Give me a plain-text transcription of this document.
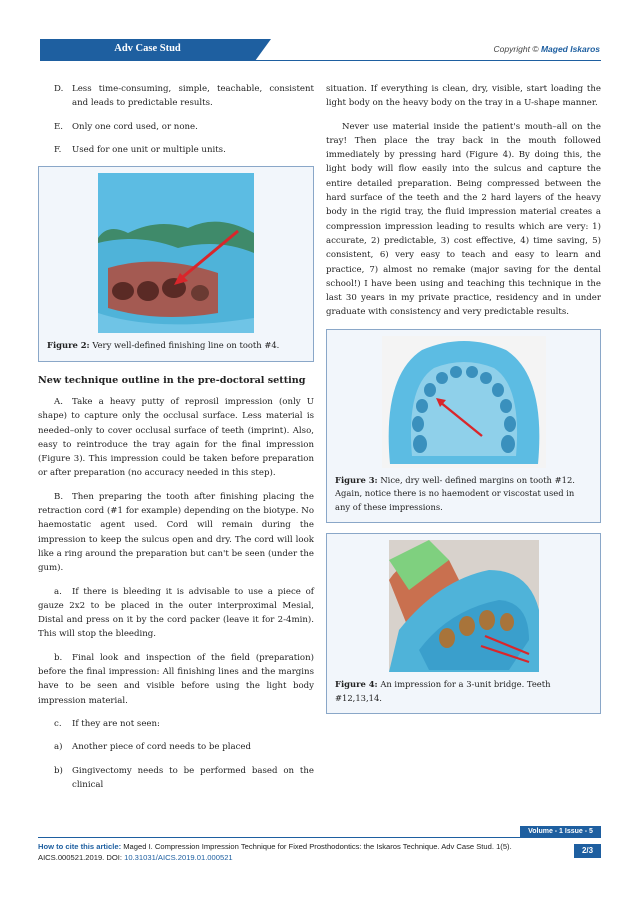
Adv Case Stud	Copyright © Maged Iskaros
D.	Less time-consuming, simple, teachable, consistent and leads to predictable results.
E.	Only one cord used, or none.
F.	Used for one unit or multiple units.
Figure 2: Very well-defined finishing line on tooth #4.
New technique outline in the pre-doctoral setting
A. Take a heavy putty of reprosil impression (only U shape) to capture only the occlusal surface. Less material is needed–only to cover occlusal surface of teeth (imprint). Also, easy to reintroduce the tray again for the final impression (Figure 3). This impression could be taken before preparation or after preparation (no accuracy needed in this step).
B. Then preparing the tooth after finishing placing the retraction cord (#1 for example) depending on the biotype. No haemostatic agent used. Cord will remain during the impression to keep the sulcus open and dry. The cord will look like a ring around the preparation but can't be seen (under the gum).
a. If there is bleeding it is advisable to use a piece of gauze 2x2 to be placed in the outer interproximal Mesial, Distal and press on it by the cord packer (leave it for 2-4min). This will stop the bleeding.
b. Final look and inspection of the field (preparation) before the final impression: All finishing lines and the margins have to be seen and visible before using the light body impression material.
c.	If they are not seen:
a)	Another piece of cord needs to be placed
b)	Gingivectomy needs to be performed based on the clinical

situation. If everything is clean, dry, visible, start loading the light body on the heavy body on the tray in a U-shape manner.

Never use material inside the patient's mouth–all on the tray! Then place the tray back in the mouth followed immediately by pressing hard (Figure 4). By doing this, the light body will flow easily into the sulcus and capture the entire detailed preparation. Being compressed between the hard surface of the teeth and the 2 hard layers of the heavy body in the rigid tray, the fluid impression material creates a compression impression leading to results which are very: 1) accurate, 2) predictable, 3) cost effective, 4) time saving, 5) consistent, 6) very easy to teach and easy to learn and practice, 7) almost no remake (major saving for the dental school!) I have been using and teaching this technique in the last 30 years in my private practice, residency and in under graduate with consistency and very predictable results.

Figure 3: Nice, dry well- defined margins on tooth #12. Again, notice there is no haemodent or viscostat used in any of these impressions.
Figure 4: An impression for a 3-unit bridge. Teeth #12,13,14.
Volume - 1 Issue - 5
How to cite this article: Maged I. Compression Impression Technique for Fixed Prosthodontics: the Iskaros Technique. Adv Case Stud. 1(5). AICS.000521.2019. DOI: 10.31031/AICS.2019.01.000521
2/3
